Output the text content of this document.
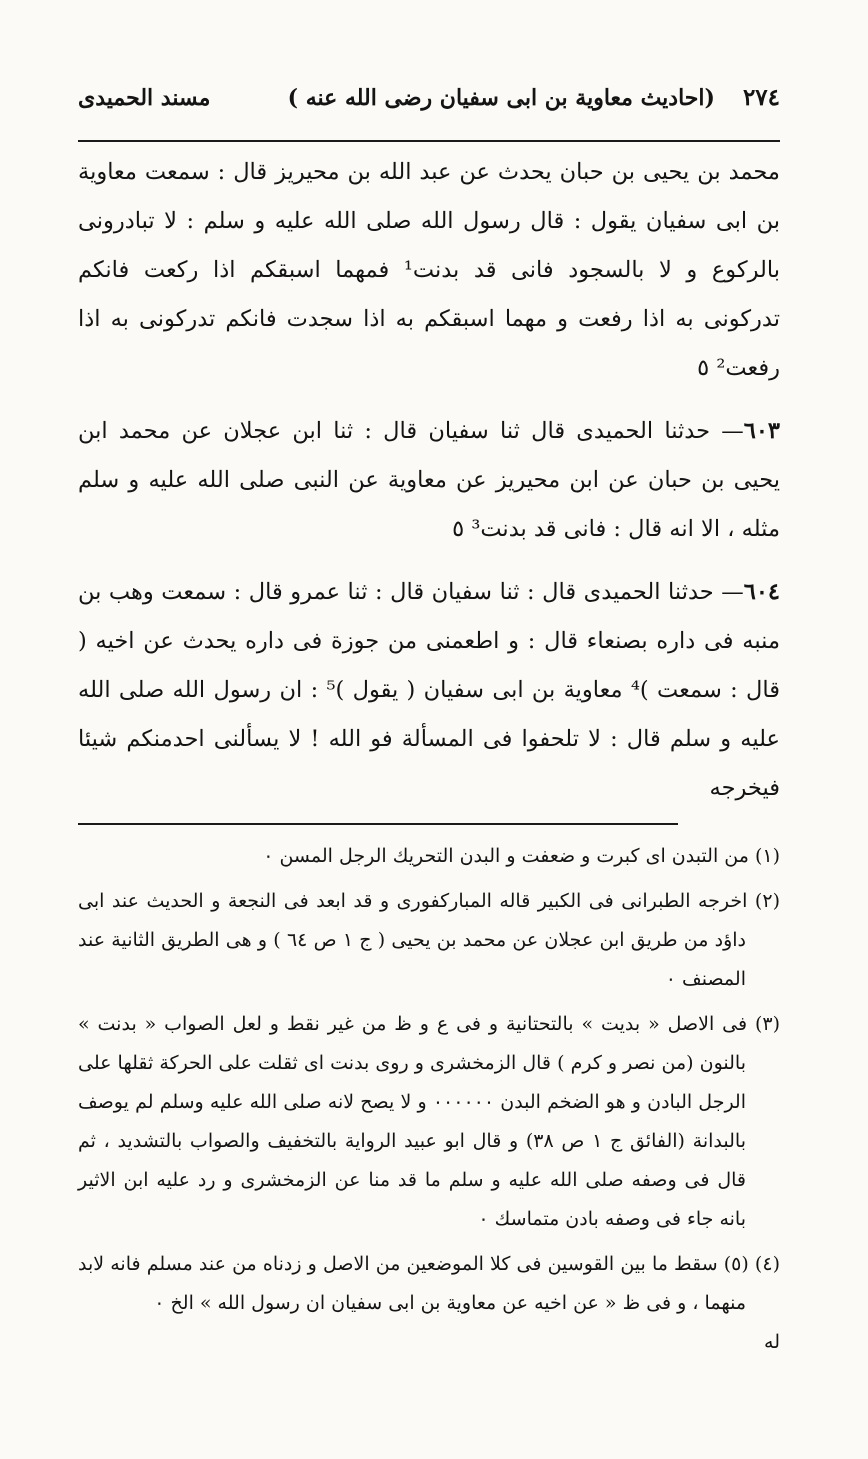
٢٧٤
(احاديث معاوية بن ابى سفيان رضى الله عنه )
مسند الحميدى

محمد بن يحيى بن حبان يحدث عن عبد الله بن محيريز قال : سمعت معاوية بن ابى سفيان يقول : قال رسول الله صلى الله عليه و سلم : لا تبادرونى بالركوع و لا بالسجود فانى قد بدنت¹ فمهما اسبقكم اذا ركعت فانكم تدركونى به اذا رفعت و مهما اسبقكم به اذا سجدت فانكم تدركونى به اذا رفعت² ٥

٦٠٣— حدثنا الحميدى قال ثنا سفيان قال : ثنا ابن عجلان عن محمد ابن يحيى بن حبان عن ابن محيريز عن معاوية عن النبى صلى الله عليه و سلم مثله ، الا انه قال : فانى قد بدنت³ ٥

٦٠٤— حدثنا الحميدى قال : ثنا سفيان قال : ثنا عمرو قال : سمعت وهب بن منبه فى داره بصنعاء قال : و اطعمنى من جوزة فى داره يحدث عن اخيه ( قال : سمعت )⁴ معاوية بن ابى سفيان ( يقول )⁵ : ان رسول الله صلى الله عليه و سلم قال : لا تلحفوا فى المسألة فو الله ! لا يسألنى احدمنكم شيئا فيخرجه

(١) من التبدن اى كبرت و ضعفت و البدن التحريك الرجل المسن ٠

(٢) اخرجه الطبرانى فى الكبير قاله المباركفورى و قد ابعد فى النجعة و الحديث عند ابى داؤد من طريق ابن عجلان عن محمد بن يحيى ( ج ١ ص ٦٤ ) و هى الطريق الثانية عند المصنف ٠

(٣) فى الاصل « بديت » بالتحتانية و فى ع و ظ من غير نقط و لعل الصواب « بدنت » بالنون (من نصر و كرم ) قال الزمخشرى و روى بدنت اى ثقلت على الحركة ثقلها على الرجل البادن و هو الضخم البدن ٠٠٠٠٠٠ و لا يصح لانه صلى الله عليه وسلم لم يوصف بالبدانة (الفائق ج ١ ص ٣٨) و قال ابو عبيد الرواية بالتخفيف والصواب بالتشديد ، ثم قال فى وصفه صلى الله عليه و سلم ما قد منا عن الزمخشرى و رد عليه ابن الاثير بانه جاء فى وصفه بادن متماسك ٠

(٤) (٥) سقط ما بين القوسين فى كلا الموضعين من الاصل و زدناه من عند مسلم فانه لابد منهما ، و فى ظ « عن اخيه عن معاوية بن ابى سفيان ان رسول الله » الخ ٠

له
